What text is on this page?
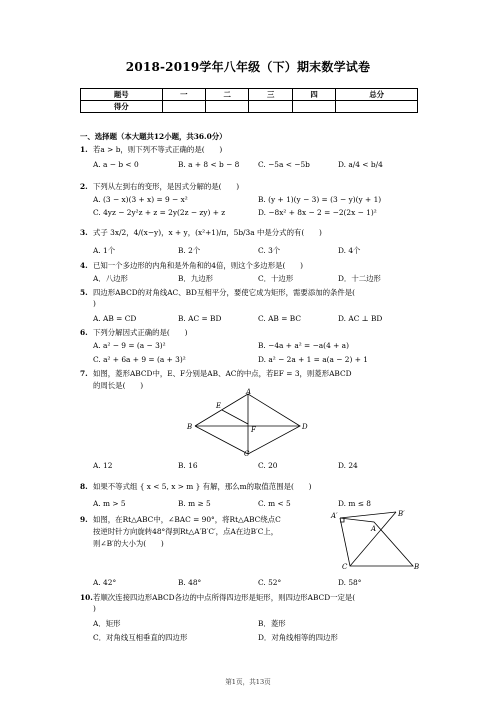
2018-2019学年八年级（下）期末数学试卷
题号	一	二	三	四	总分
得分					
一、选择题（本大题共12小题，共36.0分）
1. 若a > b，则下列不等式正确的是(　　)
A. a − b < 0	B. a + 8 < b − 8	C. −5a < −5b	D. a/4 < b/4
2. 下列从左到右的变形，是因式分解的是(　　)
A. (3 − x)(3 + x) = 9 − x²	B. (y + 1)(y − 3) = (3 − y)(y + 1)
C. 4yz − 2y²z + z = 2y(2z − zy) + z	D. −8x² + 8x − 2 = −2(2x − 1)²
3. 式子 3x/2，4/(x−y)，x + y，(x²+1)/π，5b/3a 中是分式的有(　　)
A. 1个	B. 2个	C. 3个	D. 4个
4. 已知一个多边形的内角和是外角和的4倍，则这个多边形是(　　)
A．八边形	B．九边形	C．十边形	D．十二边形
5. 四边形ABCD的对角线AC、BD互相平分，要使它成为矩形，需要添加的条件是(
)
A. AB = CD	B. AC = BD	C. AB = BC	D. AC ⊥ BD
6. 下列分解因式正确的是(　　)
A. a² − 9 = (a − 3)²	B. −4a + a² = −a(4 + a)
C. a² + 6a + 9 = (a + 3)²	D. a² − 2a + 1 = a(a − 2) + 1
7. 如图，菱形ABCD中，E、F分别是AB、AC的中点，若EF = 3，则菱形ABCD
的周长是(　　)
A
B
C
D
E
F
A. 12	B. 16	C. 20	D. 24
8. 如果不等式组 { x < 5, x > m } 有解，那么m的取值范围是(　　)
A. m > 5	B. m ≥ 5	C. m < 5	D. m ≤ 8
9. 如图，在Rt△ABC中，∠BAC = 90°，将Rt△ABC绕点C
按逆时针方向旋转48°得到Rt△A′B′C′，点A在边B′C上，
则∠B′的大小为(　　)
A′	B′
A
C	B
A. 42°	B. 48°	C. 52°	D. 58°
10.若顺次连接四边形ABCD各边的中点所得四边形是矩形，则四边形ABCD一定是(
)
A．矩形	B．菱形
C．对角线互相垂直的四边形	D．对角线相等的四边形
第1页，共13页
